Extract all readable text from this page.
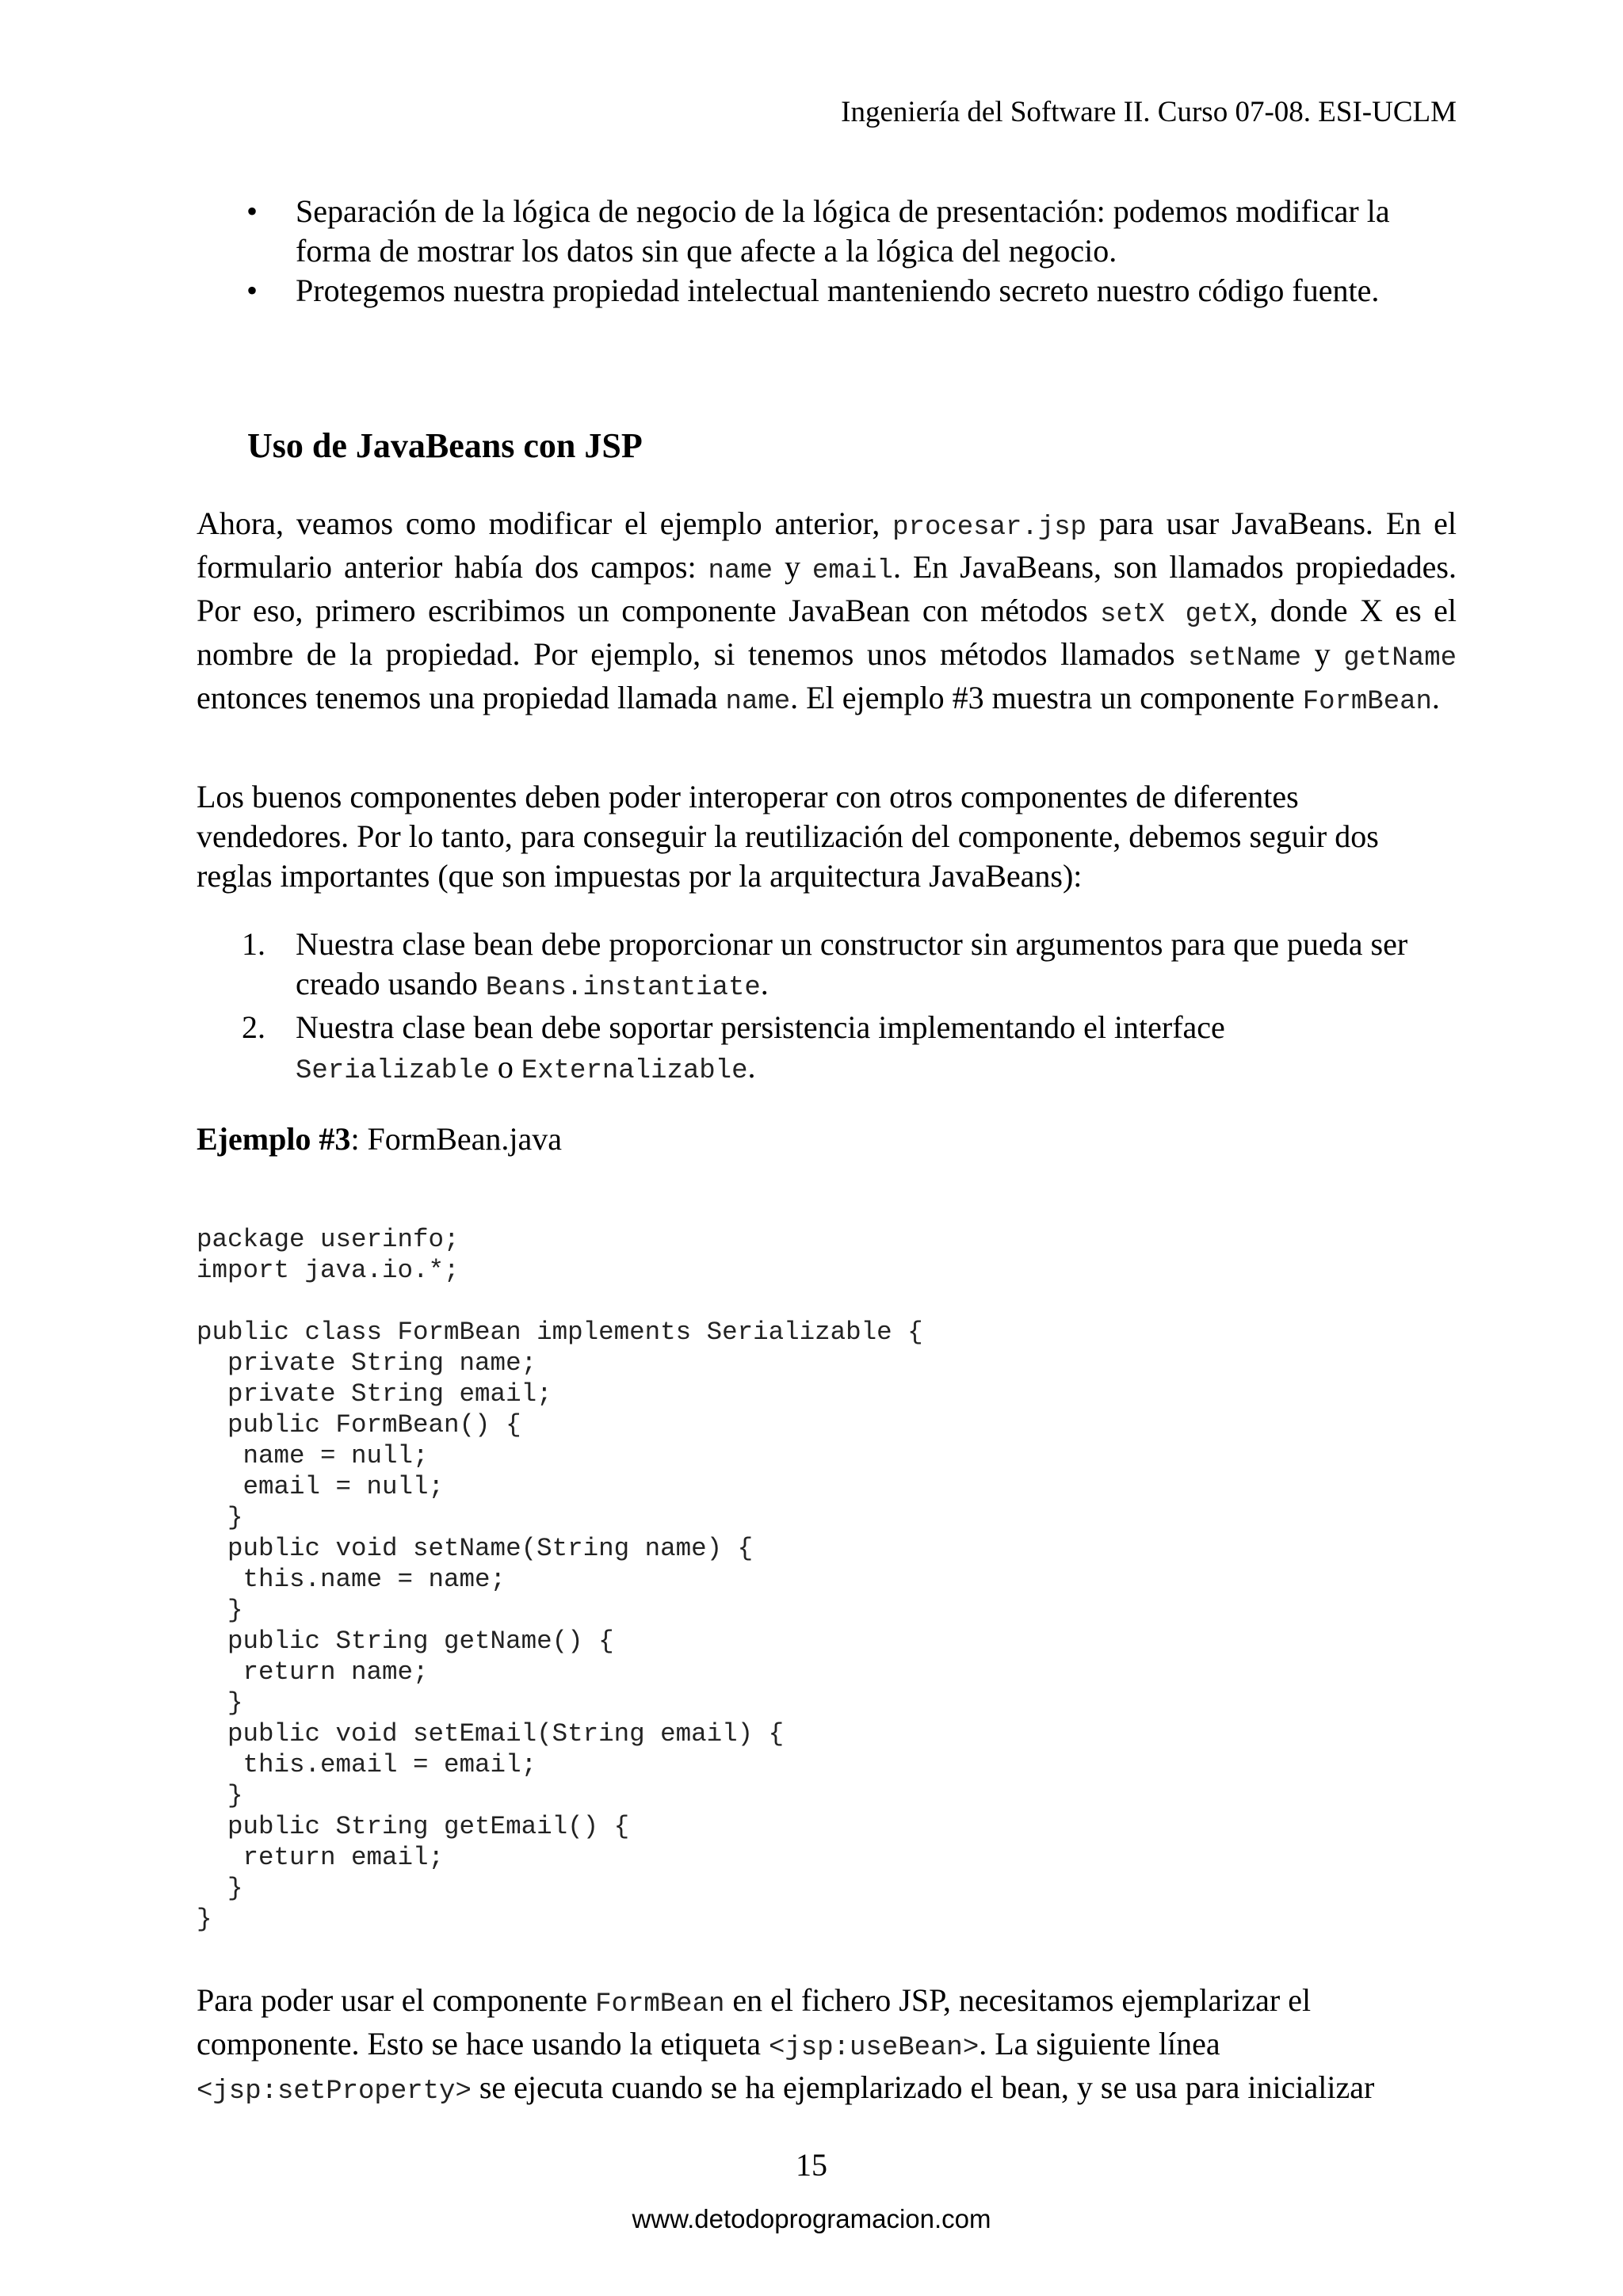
Ingeniería del Software II. Curso 07-08. ESI-UCLM
• Separación de la lógica de negocio de la lógica de presentación: podemos modificar la
forma de mostrar los datos sin que afecte a la lógica del negocio.
• Protegemos nuestra propiedad intelectual manteniendo secreto nuestro código fuente.
Uso de JavaBeans con JSP

Ahora, veamos como modificar el ejemplo anterior, procesar.jsp para usar JavaBeans. En el formulario anterior había dos campos: name y email. En JavaBeans, son llamados propiedades. Por eso, primero escribimos un componente JavaBean con métodos setX getX, donde X es el nombre de la propiedad. Por ejemplo, si tenemos unos métodos llamados setName y getName entonces tenemos una propiedad llamada name. El ejemplo #3 muestra un componente FormBean.

Los buenos componentes deben poder interoperar con otros componentes de diferentes
vendedores. Por lo tanto, para conseguir la reutilización del componente, debemos seguir dos
reglas importantes (que son impuestas por la arquitectura JavaBeans):

1. Nuestra clase bean debe proporcionar un constructor sin argumentos para que pueda ser
creado usando Beans.instantiate.
2. Nuestra clase bean debe soportar persistencia implementando el interface
Serializable o Externalizable.
Ejemplo #3: FormBean.java
package userinfo;
import java.io.*;

public class FormBean implements Serializable {
private String name;
private String email;
public FormBean() {
name = null;
email = null;
}
public void setName(String name) {
this.name = name;
}
public String getName() {
return name;
}
public void setEmail(String email) {
this.email = email;
}
public String getEmail() {
return email;
}
}

Para poder usar el componente FormBean en el fichero JSP, necesitamos ejemplarizar el
componente. Esto se hace usando la etiqueta <jsp:useBean>. La siguiente línea
<jsp:setProperty> se ejecuta cuando se ha ejemplarizado el bean, y se usa para inicializar

15
www.detodoprogramacion.com
